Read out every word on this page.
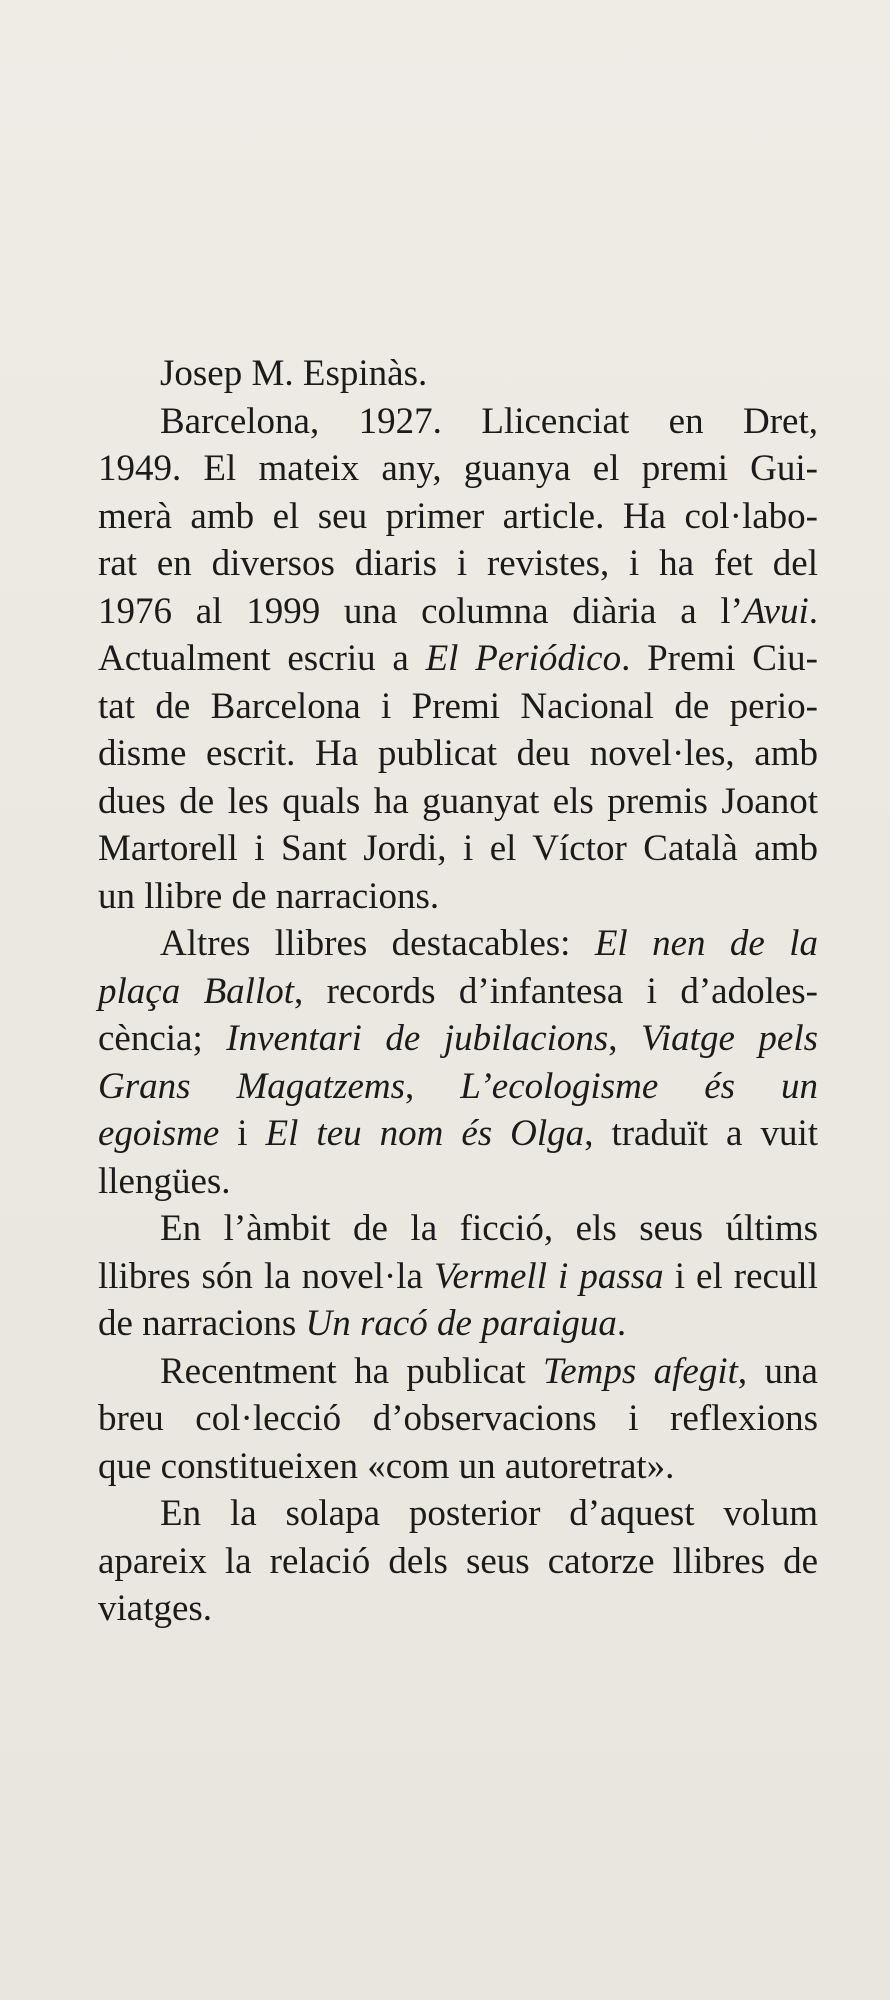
Josep M. Espinàs.
Barcelona, 1927. Llicenciat en Dret,
1949. El mateix any, guanya el premi Gui-
merà amb el seu primer article. Ha col·labo-
rat en diversos diaris i revistes, i ha fet del
1976 al 1999 una columna diària a l’Avui.
Actualment escriu a El Periódico. Premi Ciu-
tat de Barcelona i Premi Nacional de perio-
disme escrit. Ha publicat deu novel·les, amb
dues de les quals ha guanyat els premis Joanot
Martorell i Sant Jordi, i el Víctor Català amb
un llibre de narracions.
Altres llibres destacables: El nen de la
plaça Ballot, records d’infantesa i d’adoles-
cència; Inventari de jubilacions, Viatge pels
Grans Magatzems, L’ecologisme és un
egoisme i El teu nom és Olga, traduït a vuit
llengües.
En l’àmbit de la ficció, els seus últims
llibres són la novel·la Vermell i passa i el recull
de narracions Un racó de paraigua.
Recentment ha publicat Temps afegit, una
breu col·lecció d’observacions i reflexions
que constitueixen «com un autoretrat».
En la solapa posterior d’aquest volum
apareix la relació dels seus catorze llibres de
viatges.
